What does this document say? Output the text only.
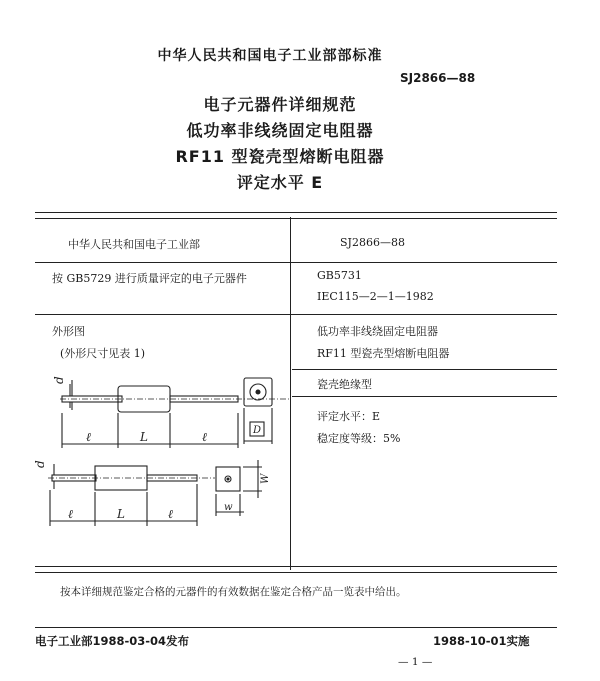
中华人民共和国电子工业部部标准
SJ2866—88
电子元器件详细规范
低功率非线绕固定电阻器
RF11 型瓷壳型熔断电阻器
评定水平 E
中华人民共和国电子工业部	SJ2866—88
按 GB5729 进行质量评定的电子元器件	GB5731
IEC115—2—1—1982
外形图
(外形尺寸见表 1)
低功率非线绕固定电阻器
RF11 型瓷壳型熔断电阻器
瓷壳绝缘型
评定水平：E
稳定度等级：5%
d
ℓ	L	ℓ	D
d
ℓ	L	ℓ
W
w
按本详细规范鉴定合格的元器件的有效数据在鉴定合格产品一览表中给出。
电子工业部1988-03-04发布	1988-10-01实施
— 1 —
